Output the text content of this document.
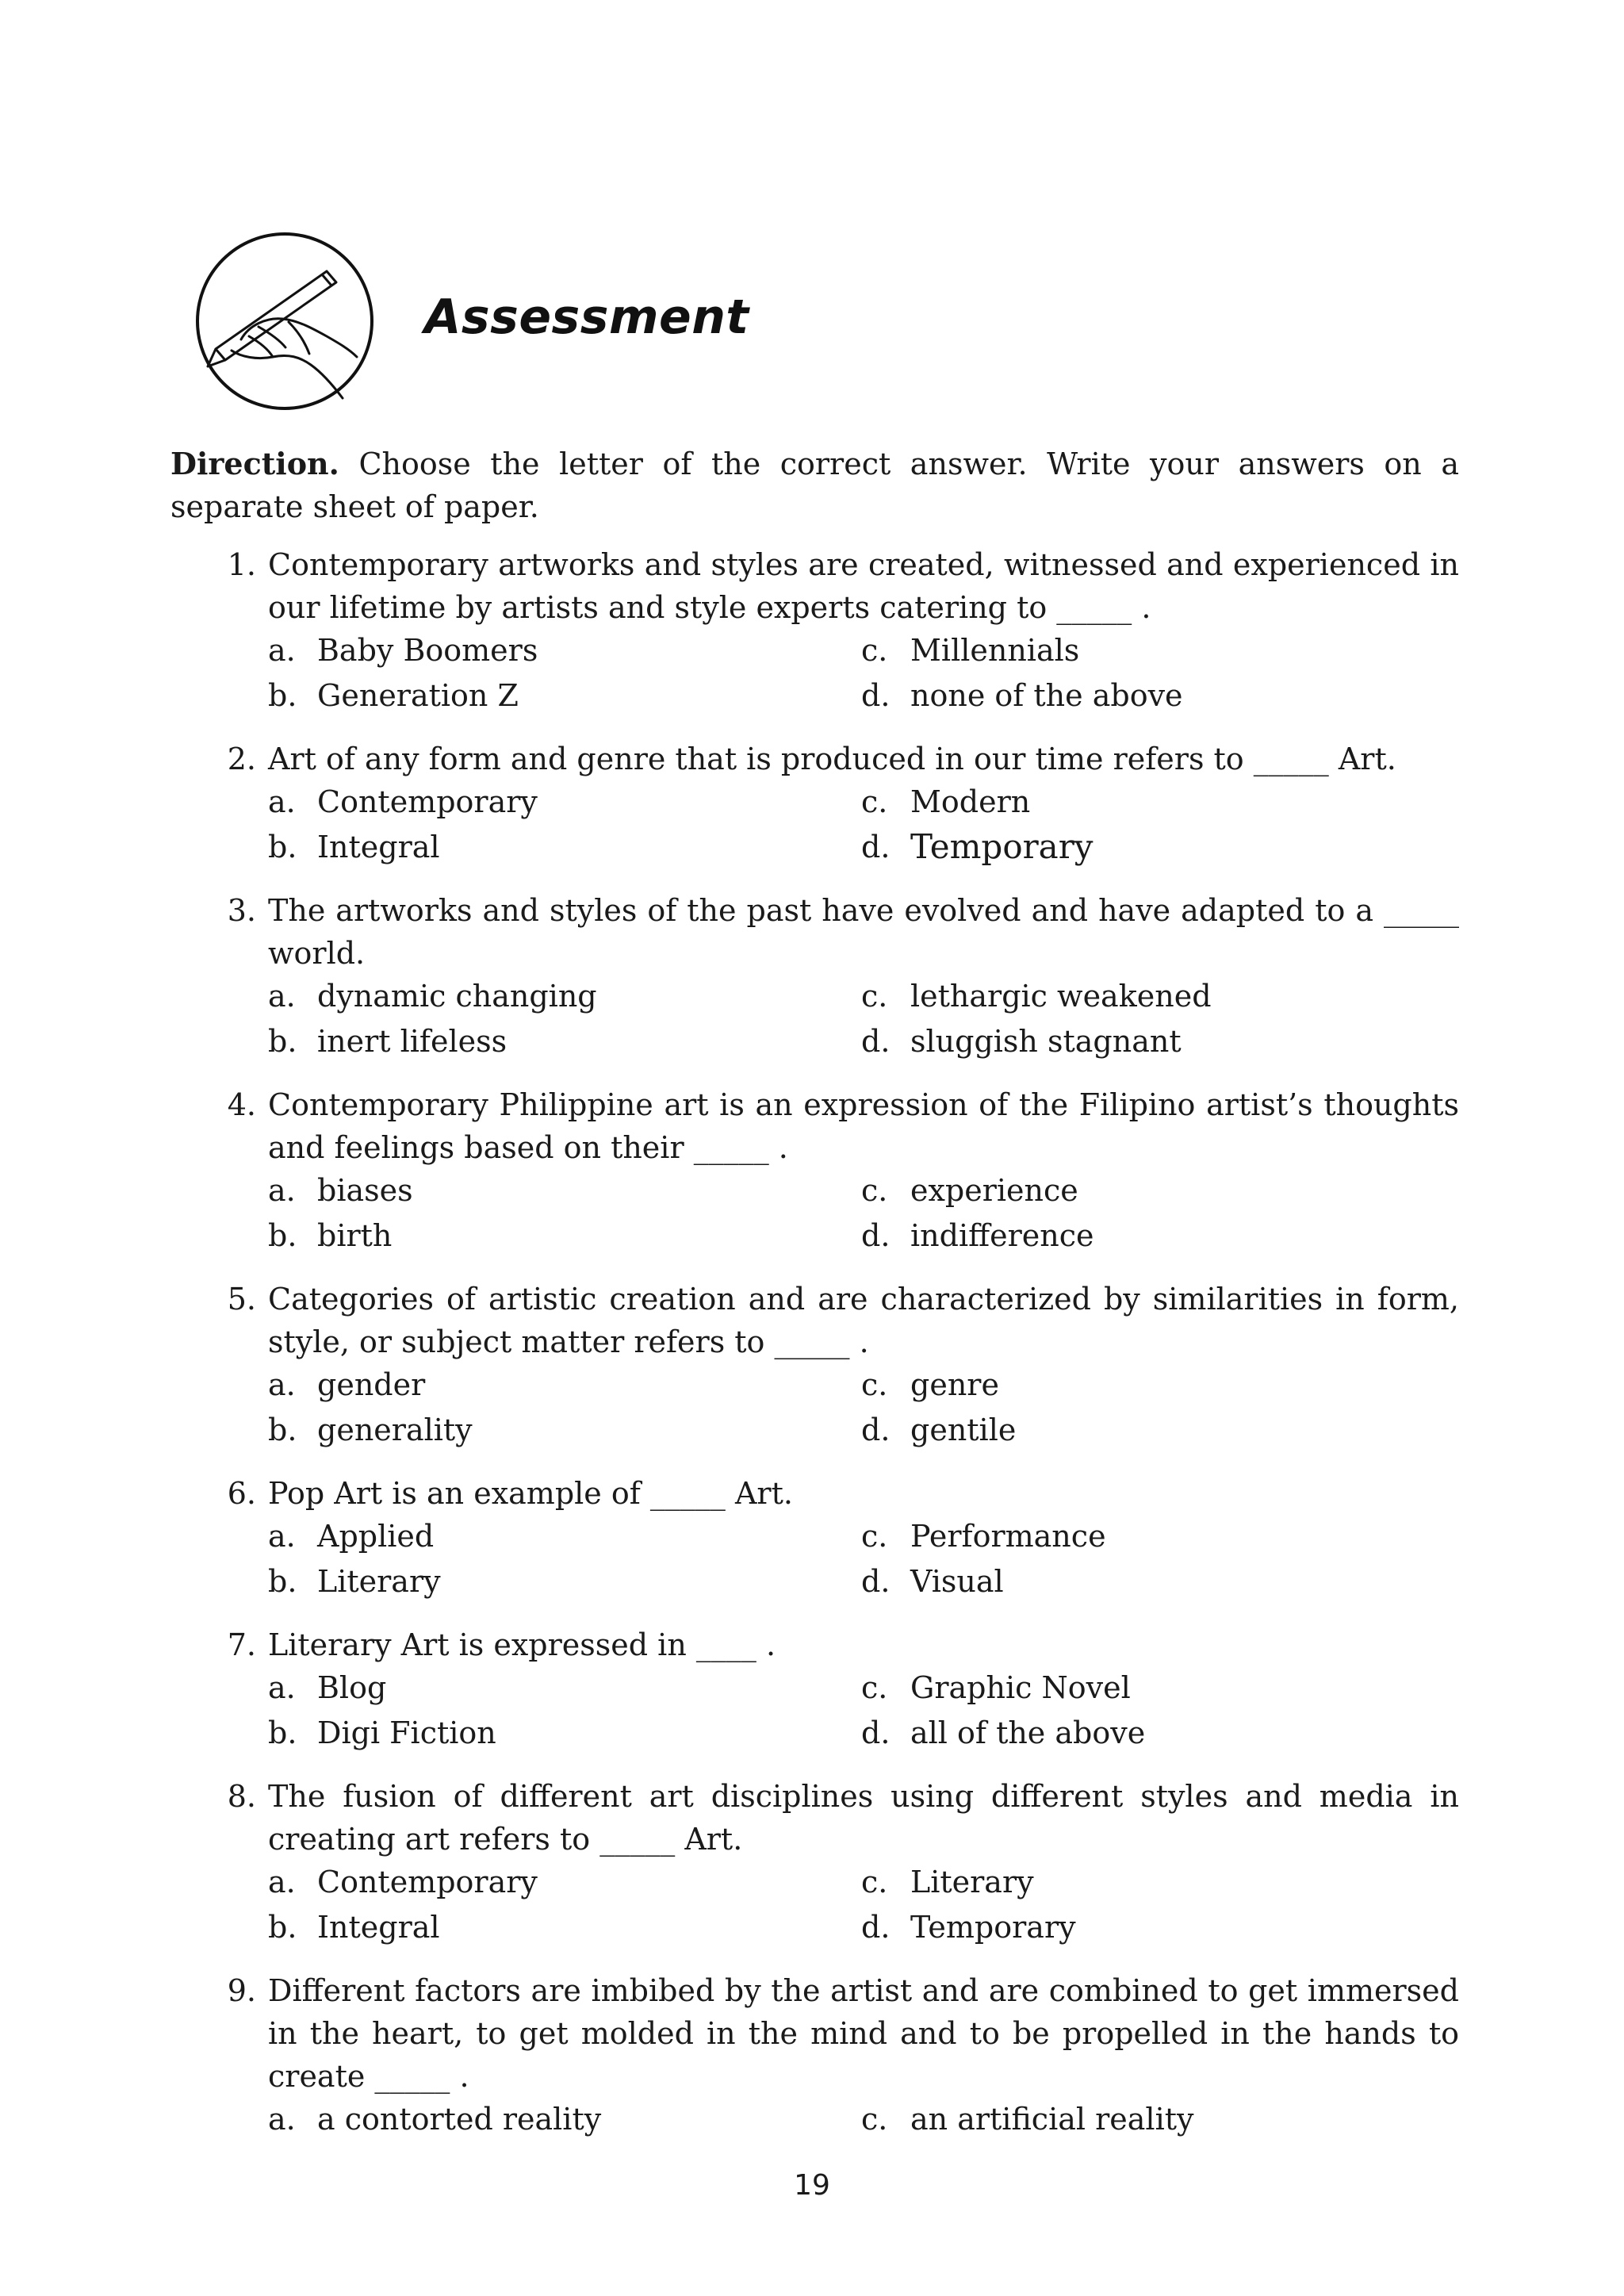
Assessment
Direction. Choose the letter of the correct answer. Write your answers on a separate sheet of paper.
1. Contemporary artworks and styles are created, witnessed and experienced in our lifetime by artists and style experts catering to _____ .
a. Baby Boomers	c. Millennials
b. Generation Z	d. none of the above
2. Art of any form and genre that is produced in our time refers to _____ Art.
a. Contemporary	c. Modern
b. Integral	d. Temporary
3. The artworks and styles of the past have evolved and have adapted to a _____ world.
a. dynamic changing	c. lethargic weakened
b. inert lifeless	d. sluggish stagnant
4. Contemporary Philippine art is an expression of the Filipino artist’s thoughts and feelings based on their _____ .
a. biases	c. experience
b. birth	d. indifference
5. Categories of artistic creation and are characterized by similarities in form, style, or subject matter refers to _____ .
a. gender	c. genre
b. generality	d. gentile
6. Pop Art is an example of _____ Art.
a. Applied	c. Performance
b. Literary	d. Visual
7. Literary Art is expressed in ____ .
a. Blog	c. Graphic Novel
b. Digi Fiction	d. all of the above
8. The fusion of different art disciplines using different styles and media in creating art refers to _____ Art.
a. Contemporary	c. Literary
b. Integral	d. Temporary
9. Different factors are imbibed by the artist and are combined to get immersed in the heart, to get molded in the mind and to be propelled in the hands to create _____ .
a. a contorted reality	c. an artificial reality
19
